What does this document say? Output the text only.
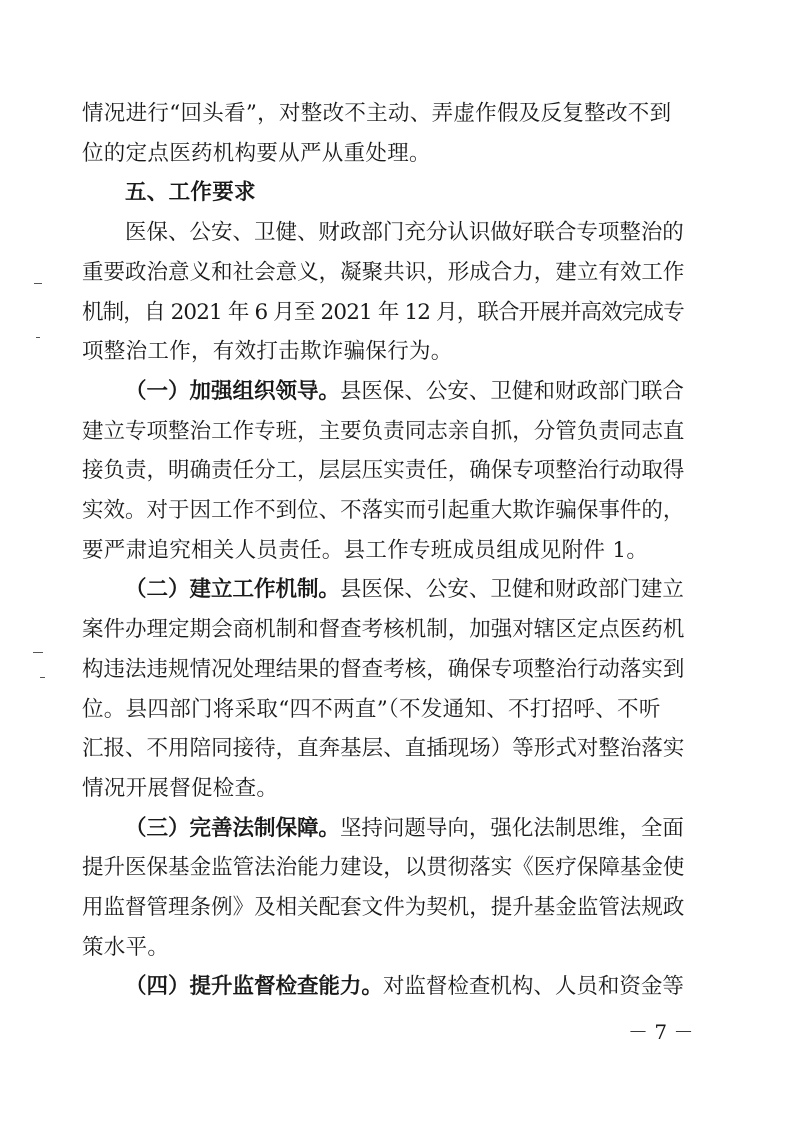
情况进行“回头看”，对整改不主动、弄虚作假及反复整改不到
位的定点医药机构要从严从重处理。
五、工作要求
医保、公安、卫健、财政部门充分认识做好联合专项整治的
重要政治意义和社会意义，凝聚共识，形成合力，建立有效工作
机制，自 2021 年 6 月至 2021 年 12 月，联合开展并高效完成专
项整治工作，有效打击欺诈骗保行为。
（一）加强组织领导。县医保、公安、卫健和财政部门联合
建立专项整治工作专班，主要负责同志亲自抓，分管负责同志直
接负责，明确责任分工，层层压实责任，确保专项整治行动取得
实效。对于因工作不到位、不落实而引起重大欺诈骗保事件的，
要严肃追究相关人员责任。县工作专班成员组成见附件 1。
（二）建立工作机制。县医保、公安、卫健和财政部门建立
案件办理定期会商机制和督查考核机制，加强对辖区定点医药机
构违法违规情况处理结果的督查考核，确保专项整治行动落实到
位。县四部门将采取“四不两直”（不发通知、不打招呼、不听
汇报、不用陪同接待，直奔基层、直插现场）等形式对整治落实
情况开展督促检查。
（三）完善法制保障。坚持问题导向，强化法制思维，全面
提升医保基金监管法治能力建设，以贯彻落实《医疗保障基金使
用监督管理条例》及相关配套文件为契机，提升基金监管法规政
策水平。
（四）提升监督检查能力。对监督检查机构、人员和资金等
－ 7 －
